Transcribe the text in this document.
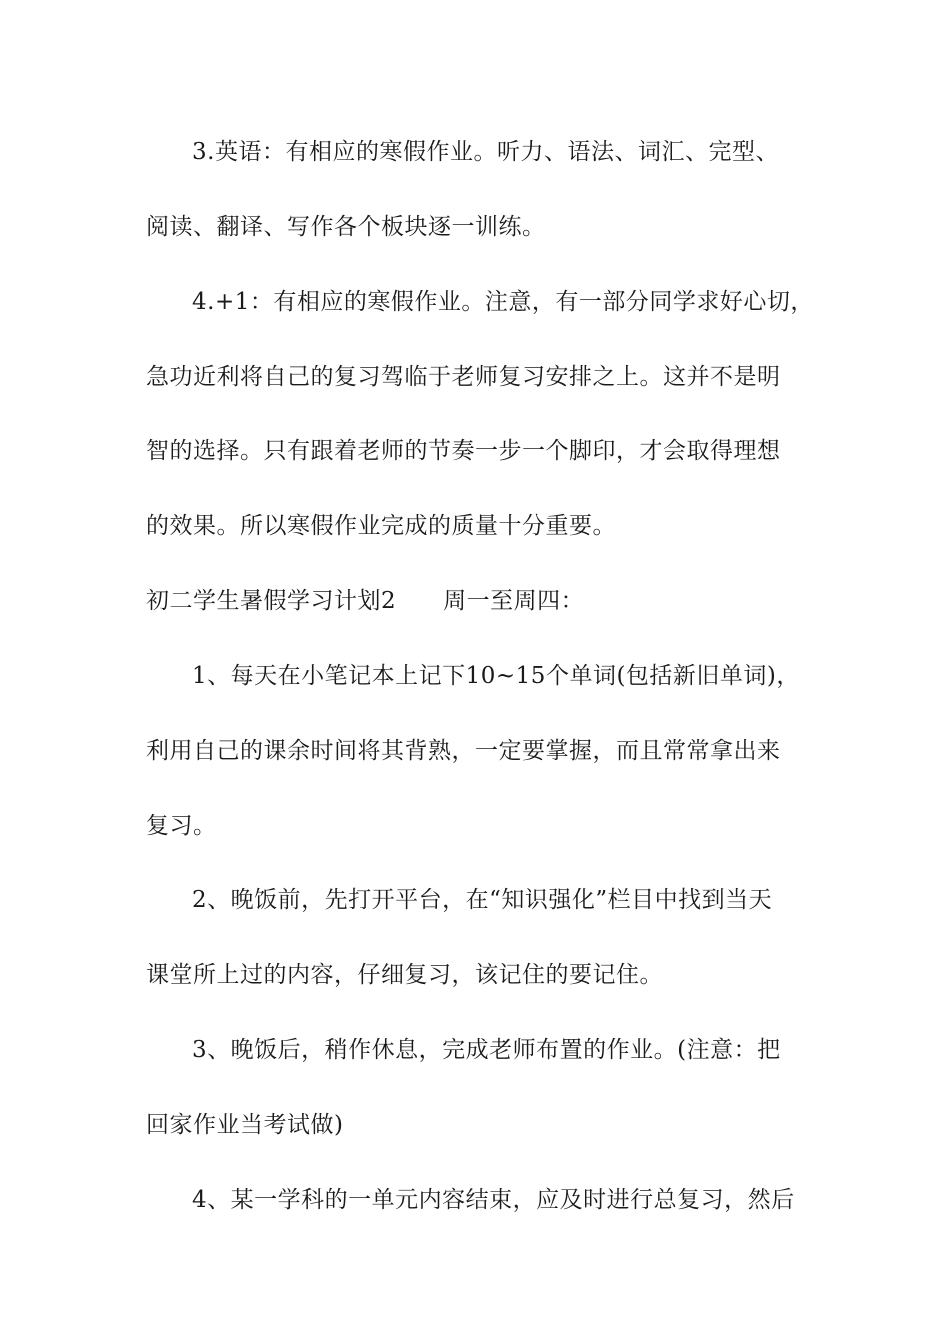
3.英语：有相应的寒假作业。听力、语法、词汇、完型、
阅读、翻译、写作各个板块逐一训练。
4.+1：有相应的寒假作业。注意，有一部分同学求好心切，
急功近利将自己的复习驾临于老师复习安排之上。这并不是明
智的选择。只有跟着老师的节奏一步一个脚印，才会取得理想
的效果。所以寒假作业完成的质量十分重要。
初二学生暑假学习计划2　　周一至周四：
1、每天在小笔记本上记下10~15个单词(包括新旧单词)，
利用自己的课余时间将其背熟，一定要掌握，而且常常拿出来
复习。
2、晚饭前，先打开平台，在“知识强化”栏目中找到当天
课堂所上过的内容，仔细复习，该记住的要记住。
3、晚饭后，稍作休息，完成老师布置的作业。(注意：把
回家作业当考试做)
4、某一学科的一单元内容结束，应及时进行总复习，然后
